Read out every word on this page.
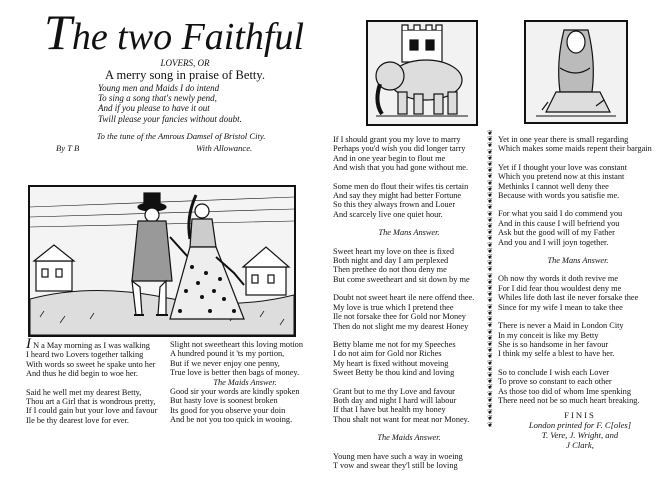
The two Faithful
LOVERS, OR
A merry song in praise of Betty.
Young men and Maids I do intend
To sing a song that's newly pend,
And if you please to have it out
Twill please your fancies without doubt.
To the tune of the Amrous Damsel of Bristol City.
By T B	With Allowance.
I N a May morning as I was walking
I heard two Lovers together talking
With words so sweet he spake unto her
And thus he did begin to woe her.
Said he well met my dearest Betty,
Thou art a Girl that is wondrous pretty,
If I could gain but your love and favour
Ile be thy dearest love for ever.
Slight not sweetheart this loving motion
A hundred pound it 'ts my portion,
But if we never enjoy one penny,
True love is better then bags of money.
The Maids Answer.
Good sir your words are kindly spoken
But hasty love is soonest broken
Its good for you observe your doin
And be not you too quick in wooing.
If I should grant you my love to marry
Perhaps you'd wish you did longer tarry
And in one year begin to flout me
And wish that you had gone without me.
Some men do flout their wifes tis certain
And say they might had better Fortune
So this they always frown and Louer
And scarcely live one quiet hour.
The Mans Answer.
Sweet heart my love on thee is fixed
Both night and day I am perplexed
Then prethee do not thou deny me
But come sweetheart and sit down by me
Doubt not sweet heart ile nere offend thee.
My love is true which I pretend thee
Ile not forsake thee for Gold nor Money
Then do not slight me my dearest Honey
Betty blame me not for my Speeches
I do not aim for Gold nor Riches
My heart is fixed without moveing
Sweet Betty be thou kind and loving
Grant but to me thy Love and favour
Both day and night I hard will labour
If that I have but health my honey
Thou shalt not want for meat nor Money.
The Maids Answer.
Young men have such a way in woeing
T vow and swear they'l still be loving
❦
❦
❦
❦
❦
❦
❦
❦
❦
❦
❦
❦
❦
❦
❦
❦
❦
❦
❦
❦
❦
❦
❦
❦
❦
❦
❦
❦
❦
❦
❦
❦
❦
❦
❦
❦
❦
❦
❦
❦
❦
❦
❦
❦
❦
❦
❦
❦
Yet in one year there is small regarding
Which makes some maids repent their bargain
Yet if I thought your love was constant
Which you pretend now at this instant
Methinks I cannot well deny thee
Because with words you satisfie me.
For what you said I do commend you
And in this cause I will befriend you
Ask but the good will of my Father
And you and I will joyn together.
The Mans Answer.
Oh now thy words it doth revive me
For I did fear thou wouldest deny me
Whiles life doth last ile never forsake thee
Since for my wife I mean to take thee
There is never a Maid in London City
In my conceit is like my Betty
She is so handsome in her favour
I think my selfe a blest to have her.
So to conclude I wish each Lover
To prove so constant to each other
As those too did of whom Ime spenking
There need not be so much heart breaking.
FINIS
London printed for F. C[oles]
T. Vere, J. Wright, and
J Clark,
